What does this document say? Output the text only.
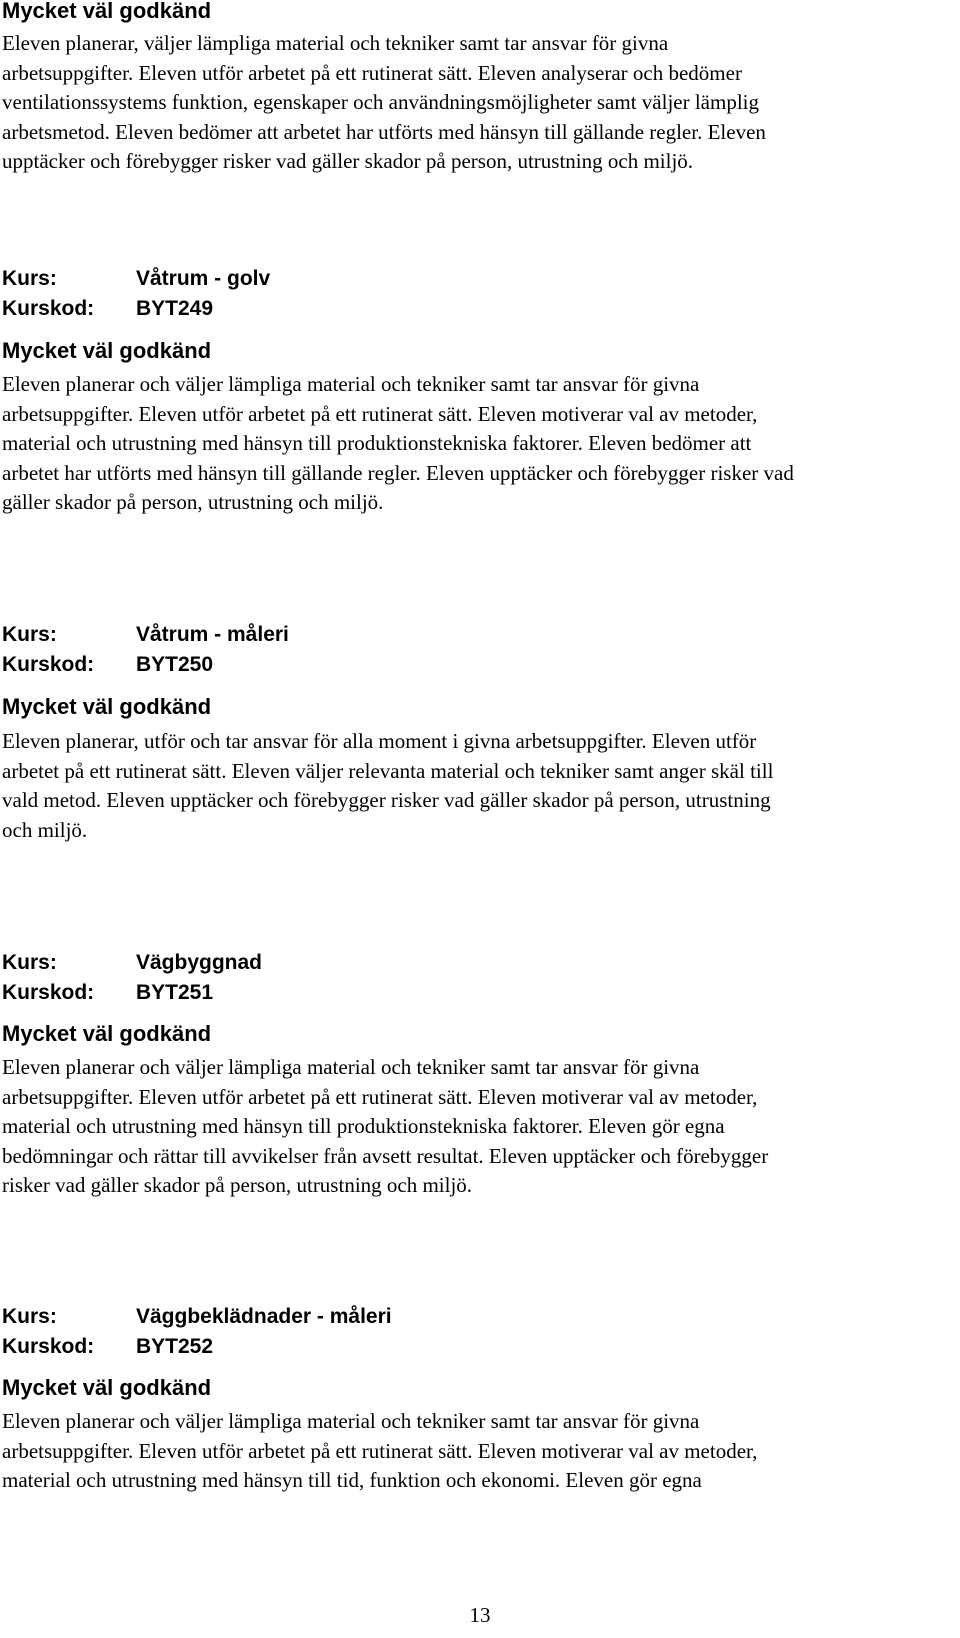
Mycket väl godkänd
Eleven planerar, väljer lämpliga material och tekniker samt tar ansvar för givna
arbetsuppgifter. Eleven utför arbetet på ett rutinerat sätt. Eleven analyserar och bedömer
ventilationssystems funktion, egenskaper och användningsmöjligheter samt väljer lämplig
arbetsmetod. Eleven bedömer att arbetet har utförts med hänsyn till gällande regler. Eleven
upptäcker och förebygger risker vad gäller skador på person, utrustning och miljö.
Kurs:	Våtrum - golv
Kurskod:	BYT249
Mycket väl godkänd
Eleven planerar och väljer lämpliga material och tekniker samt tar ansvar för givna
arbetsuppgifter. Eleven utför arbetet på ett rutinerat sätt. Eleven motiverar val av metoder,
material och utrustning med hänsyn till produktionstekniska faktorer. Eleven bedömer att
arbetet har utförts med hänsyn till gällande regler. Eleven upptäcker och förebygger risker vad
gäller skador på person, utrustning och miljö.
Kurs:	Våtrum - måleri
Kurskod:	BYT250
Mycket väl godkänd
Eleven planerar, utför och tar ansvar för alla moment i givna arbetsuppgifter. Eleven utför
arbetet på ett rutinerat sätt. Eleven väljer relevanta material och tekniker samt anger skäl till
vald metod. Eleven upptäcker och förebygger risker vad gäller skador på person, utrustning
och miljö.
Kurs:	Vägbyggnad
Kurskod:	BYT251
Mycket väl godkänd
Eleven planerar och väljer lämpliga material och tekniker samt tar ansvar för givna
arbetsuppgifter. Eleven utför arbetet på ett rutinerat sätt. Eleven motiverar val av metoder,
material och utrustning med hänsyn till produktionstekniska faktorer. Eleven gör egna
bedömningar och rättar till avvikelser från avsett resultat. Eleven upptäcker och förebygger
risker vad gäller skador på person, utrustning och miljö.
Kurs:	Väggbeklädnader - måleri
Kurskod:	BYT252
Mycket väl godkänd
Eleven planerar och väljer lämpliga material och tekniker samt tar ansvar för givna
arbetsuppgifter. Eleven utför arbetet på ett rutinerat sätt. Eleven motiverar val av metoder,
material och utrustning med hänsyn till tid, funktion och ekonomi. Eleven gör egna
13
